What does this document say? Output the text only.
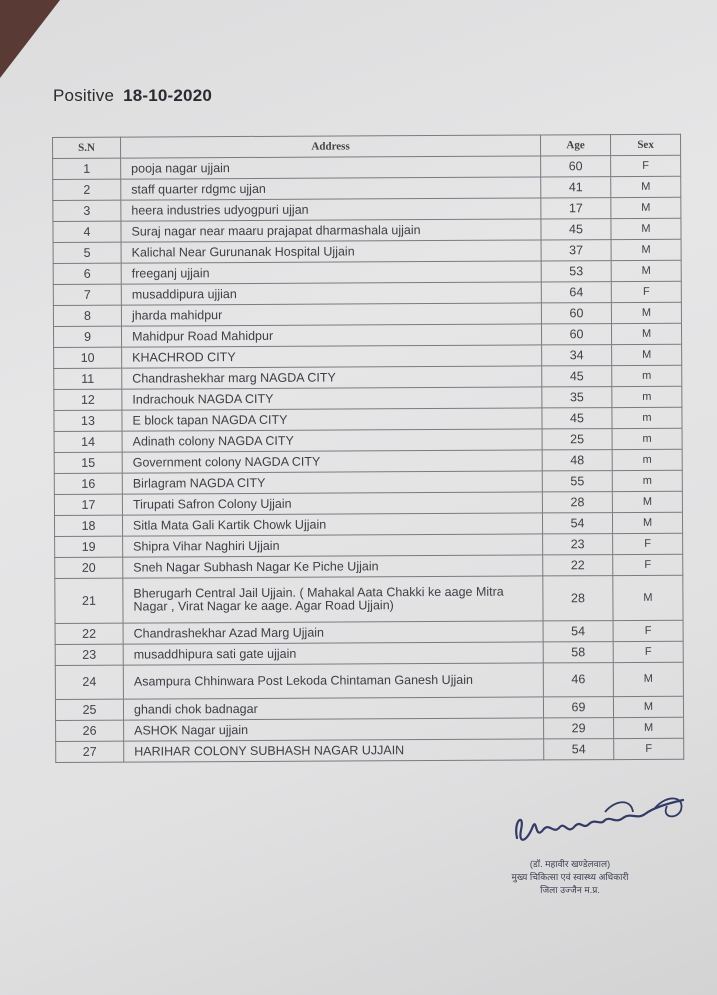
Positive 18-10-2020
S.N	Address	Age	Sex
1	pooja nagar ujjain	60	F
2	staff quarter rdgmc ujjan	41	M
3	heera industries udyogpuri ujjan	17	M
4	Suraj nagar near maaru prajapat dharmashala ujjain	45	M
5	Kalichal Near Gurunanak Hospital Ujjain	37	M
6	freeganj ujjain	53	M
7	musaddipura ujjian	64	F
8	jharda mahidpur	60	M
9	Mahidpur Road Mahidpur	60	M
10	KHACHROD CITY	34	M
11	Chandrashekhar marg NAGDA CITY	45	m
12	Indrachouk NAGDA CITY	35	m
13	E block tapan NAGDA CITY	45	m
14	Adinath colony NAGDA CITY	25	m
15	Government colony NAGDA CITY	48	m
16	Birlagram NAGDA CITY	55	m
17	Tirupati Safron Colony Ujjain	28	M
18	Sitla Mata Gali Kartik Chowk Ujjain	54	M
19	Shipra Vihar Naghiri Ujjain	23	F
20	Sneh Nagar Subhash Nagar Ke Piche Ujjain	22	F
21	Bherugarh Central Jail Ujjain. ( Mahakal Aata Chakki ke aage Mitra Nagar , Virat Nagar ke aage. Agar Road Ujjain)	28	M
22	Chandrashekhar Azad Marg Ujjain	54	F
23	musaddhipura sati gate ujjain	58	F
24	Asampura Chhinwara Post Lekoda Chintaman Ganesh Ujjain	46	M
25	ghandi chok badnagar	69	M
26	ASHOK Nagar ujjain	29	M
27	HARIHAR COLONY SUBHASH NAGAR UJJAIN	54	F
(डॉ. महावीर खण्डेलवाल)
मुख्य चिकित्सा एवं स्वास्थ्य अधिकारी
जिला उज्जैन म.प्र.
